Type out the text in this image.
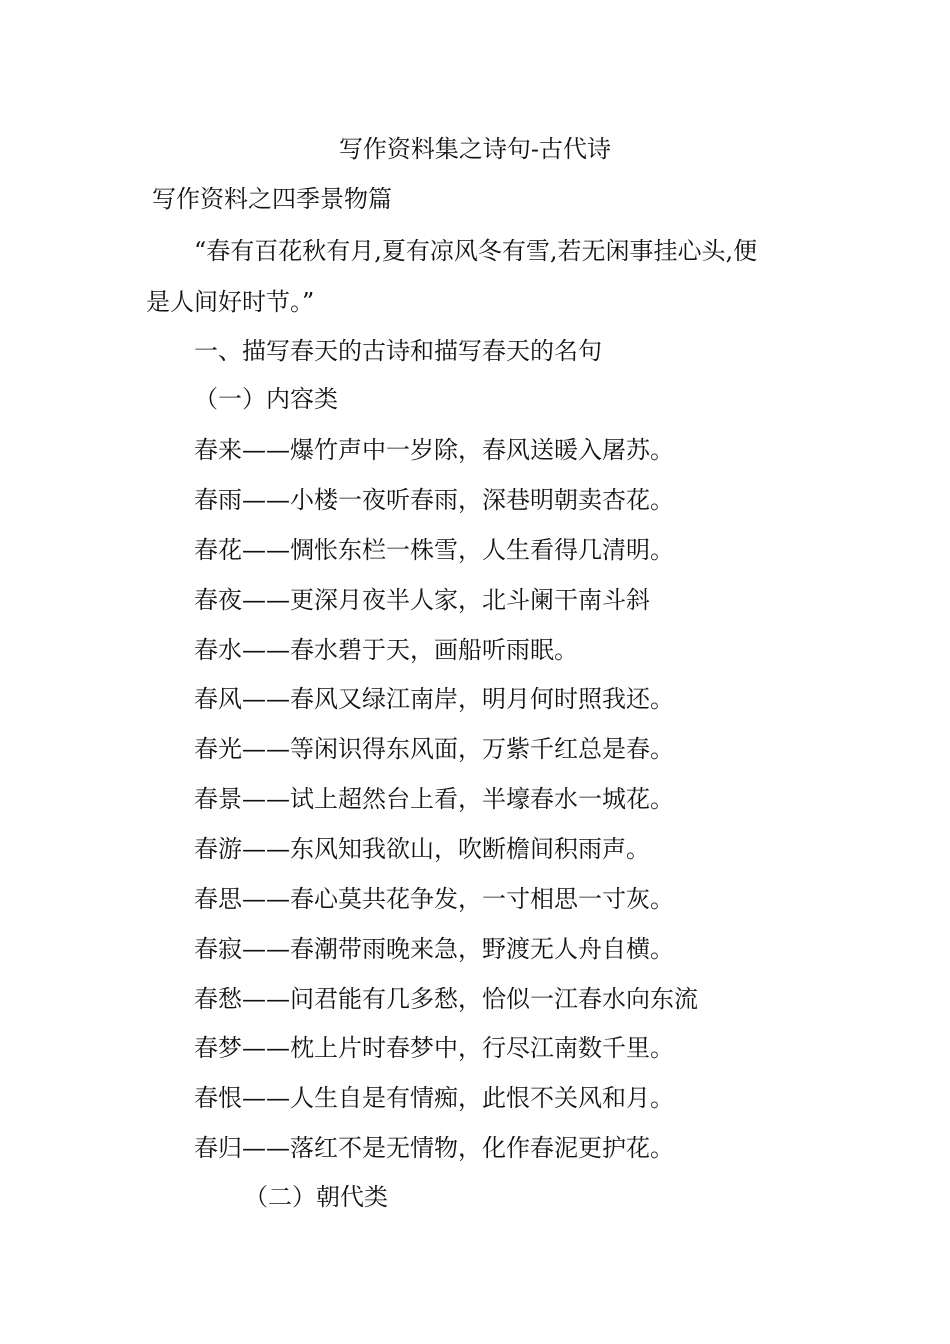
写作资料集之诗句-古代诗
写作资料之四季景物篇
“春有百花秋有月,夏有凉风冬有雪,若无闲事挂心头,便
是人间好时节。”
一、描写春天的古诗和描写春天的名句
（一）内容类
春来——爆竹声中一岁除，春风送暖入屠苏。
春雨——小楼一夜听春雨，深巷明朝卖杏花。
春花——惆怅东栏一株雪，人生看得几清明。
春夜——更深月夜半人家，北斗阑干南斗斜
春水——春水碧于天，画船听雨眠。
春风——春风又绿江南岸，明月何时照我还。
春光——等闲识得东风面，万紫千红总是春。
春景——试上超然台上看，半壕春水一城花。
春游——东风知我欲山，吹断檐间积雨声。
春思——春心莫共花争发，一寸相思一寸灰。
春寂——春潮带雨晚来急，野渡无人舟自横。
春愁——问君能有几多愁，恰似一江春水向东流
春梦——枕上片时春梦中，行尽江南数千里。
春恨——人生自是有情痴，此恨不关风和月。
春归——落红不是无情物，化作春泥更护花。
（二）朝代类
